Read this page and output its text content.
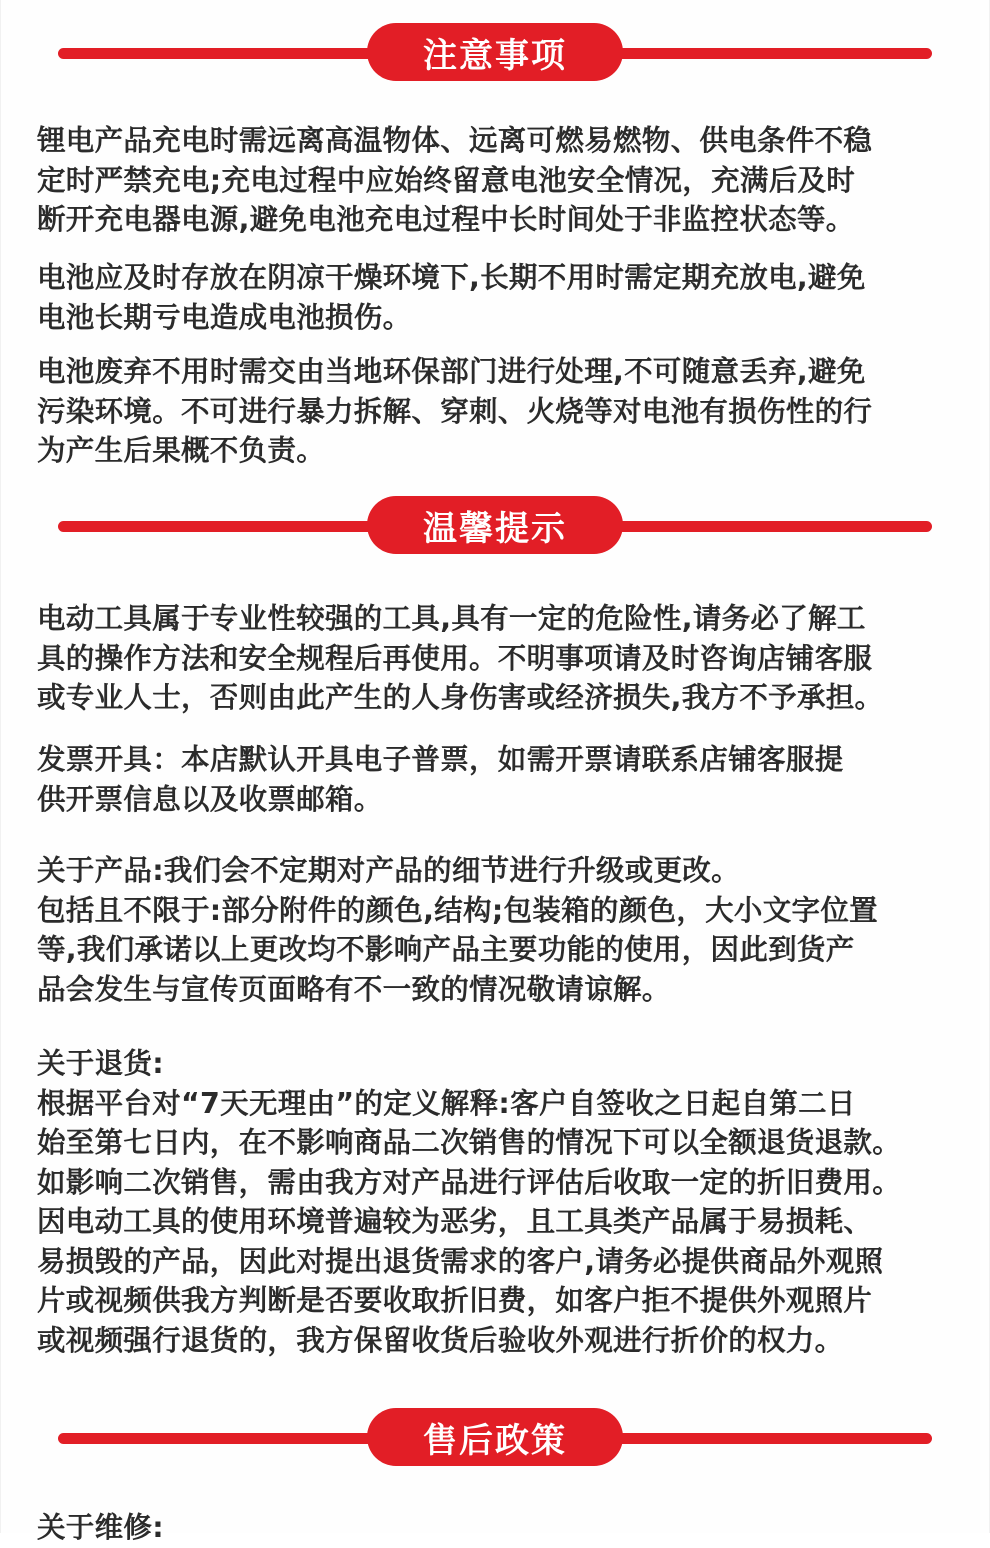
注意事项

锂电产品充电时需远离高温物体、远离可燃易燃物、供电条件不稳
定时严禁充电;充电过程中应始终留意电池安全情况，充满后及时
断开充电器电源,避免电池充电过程中长时间处于非监控状态等。

电池应及时存放在阴凉干燥环境下,长期不用时需定期充放电,避免
电池长期亏电造成电池损伤。

电池废弃不用时需交由当地环保部门进行处理,不可随意丢弃,避免
污染环境。不可进行暴力拆解、穿刺、火烧等对电池有损伤性的行
为产生后果概不负责。

温馨提示

电动工具属于专业性较强的工具,具有一定的危险性,请务必了解工
具的操作方法和安全规程后再使用。不明事项请及时咨询店铺客服
或专业人士，否则由此产生的人身伤害或经济损失,我方不予承担。

发票开具：本店默认开具电子普票，如需开票请联系店铺客服提
供开票信息以及收票邮箱。

关于产品:我们会不定期对产品的细节进行升级或更改。
包括且不限于:部分附件的颜色,结构;包装箱的颜色，大小文字位置
等,我们承诺以上更改均不影响产品主要功能的使用，因此到货产
品会发生与宣传页面略有不一致的情况敬请谅解。

关于退货:
根据平台对“7天无理由”的定义解释:客户自签收之日起自第二日
始至第七日内，在不影响商品二次销售的情况下可以全额退货退款。
如影响二次销售，需由我方对产品进行评估后收取一定的折旧费用。
因电动工具的使用环境普遍较为恶劣，且工具类产品属于易损耗、
易损毁的产品，因此对提出退货需求的客户,请务必提供商品外观照
片或视频供我方判断是否要收取折旧费，如客户拒不提供外观照片
或视频强行退货的，我方保留收货后验收外观进行折价的权力。

售后政策

关于维修:
